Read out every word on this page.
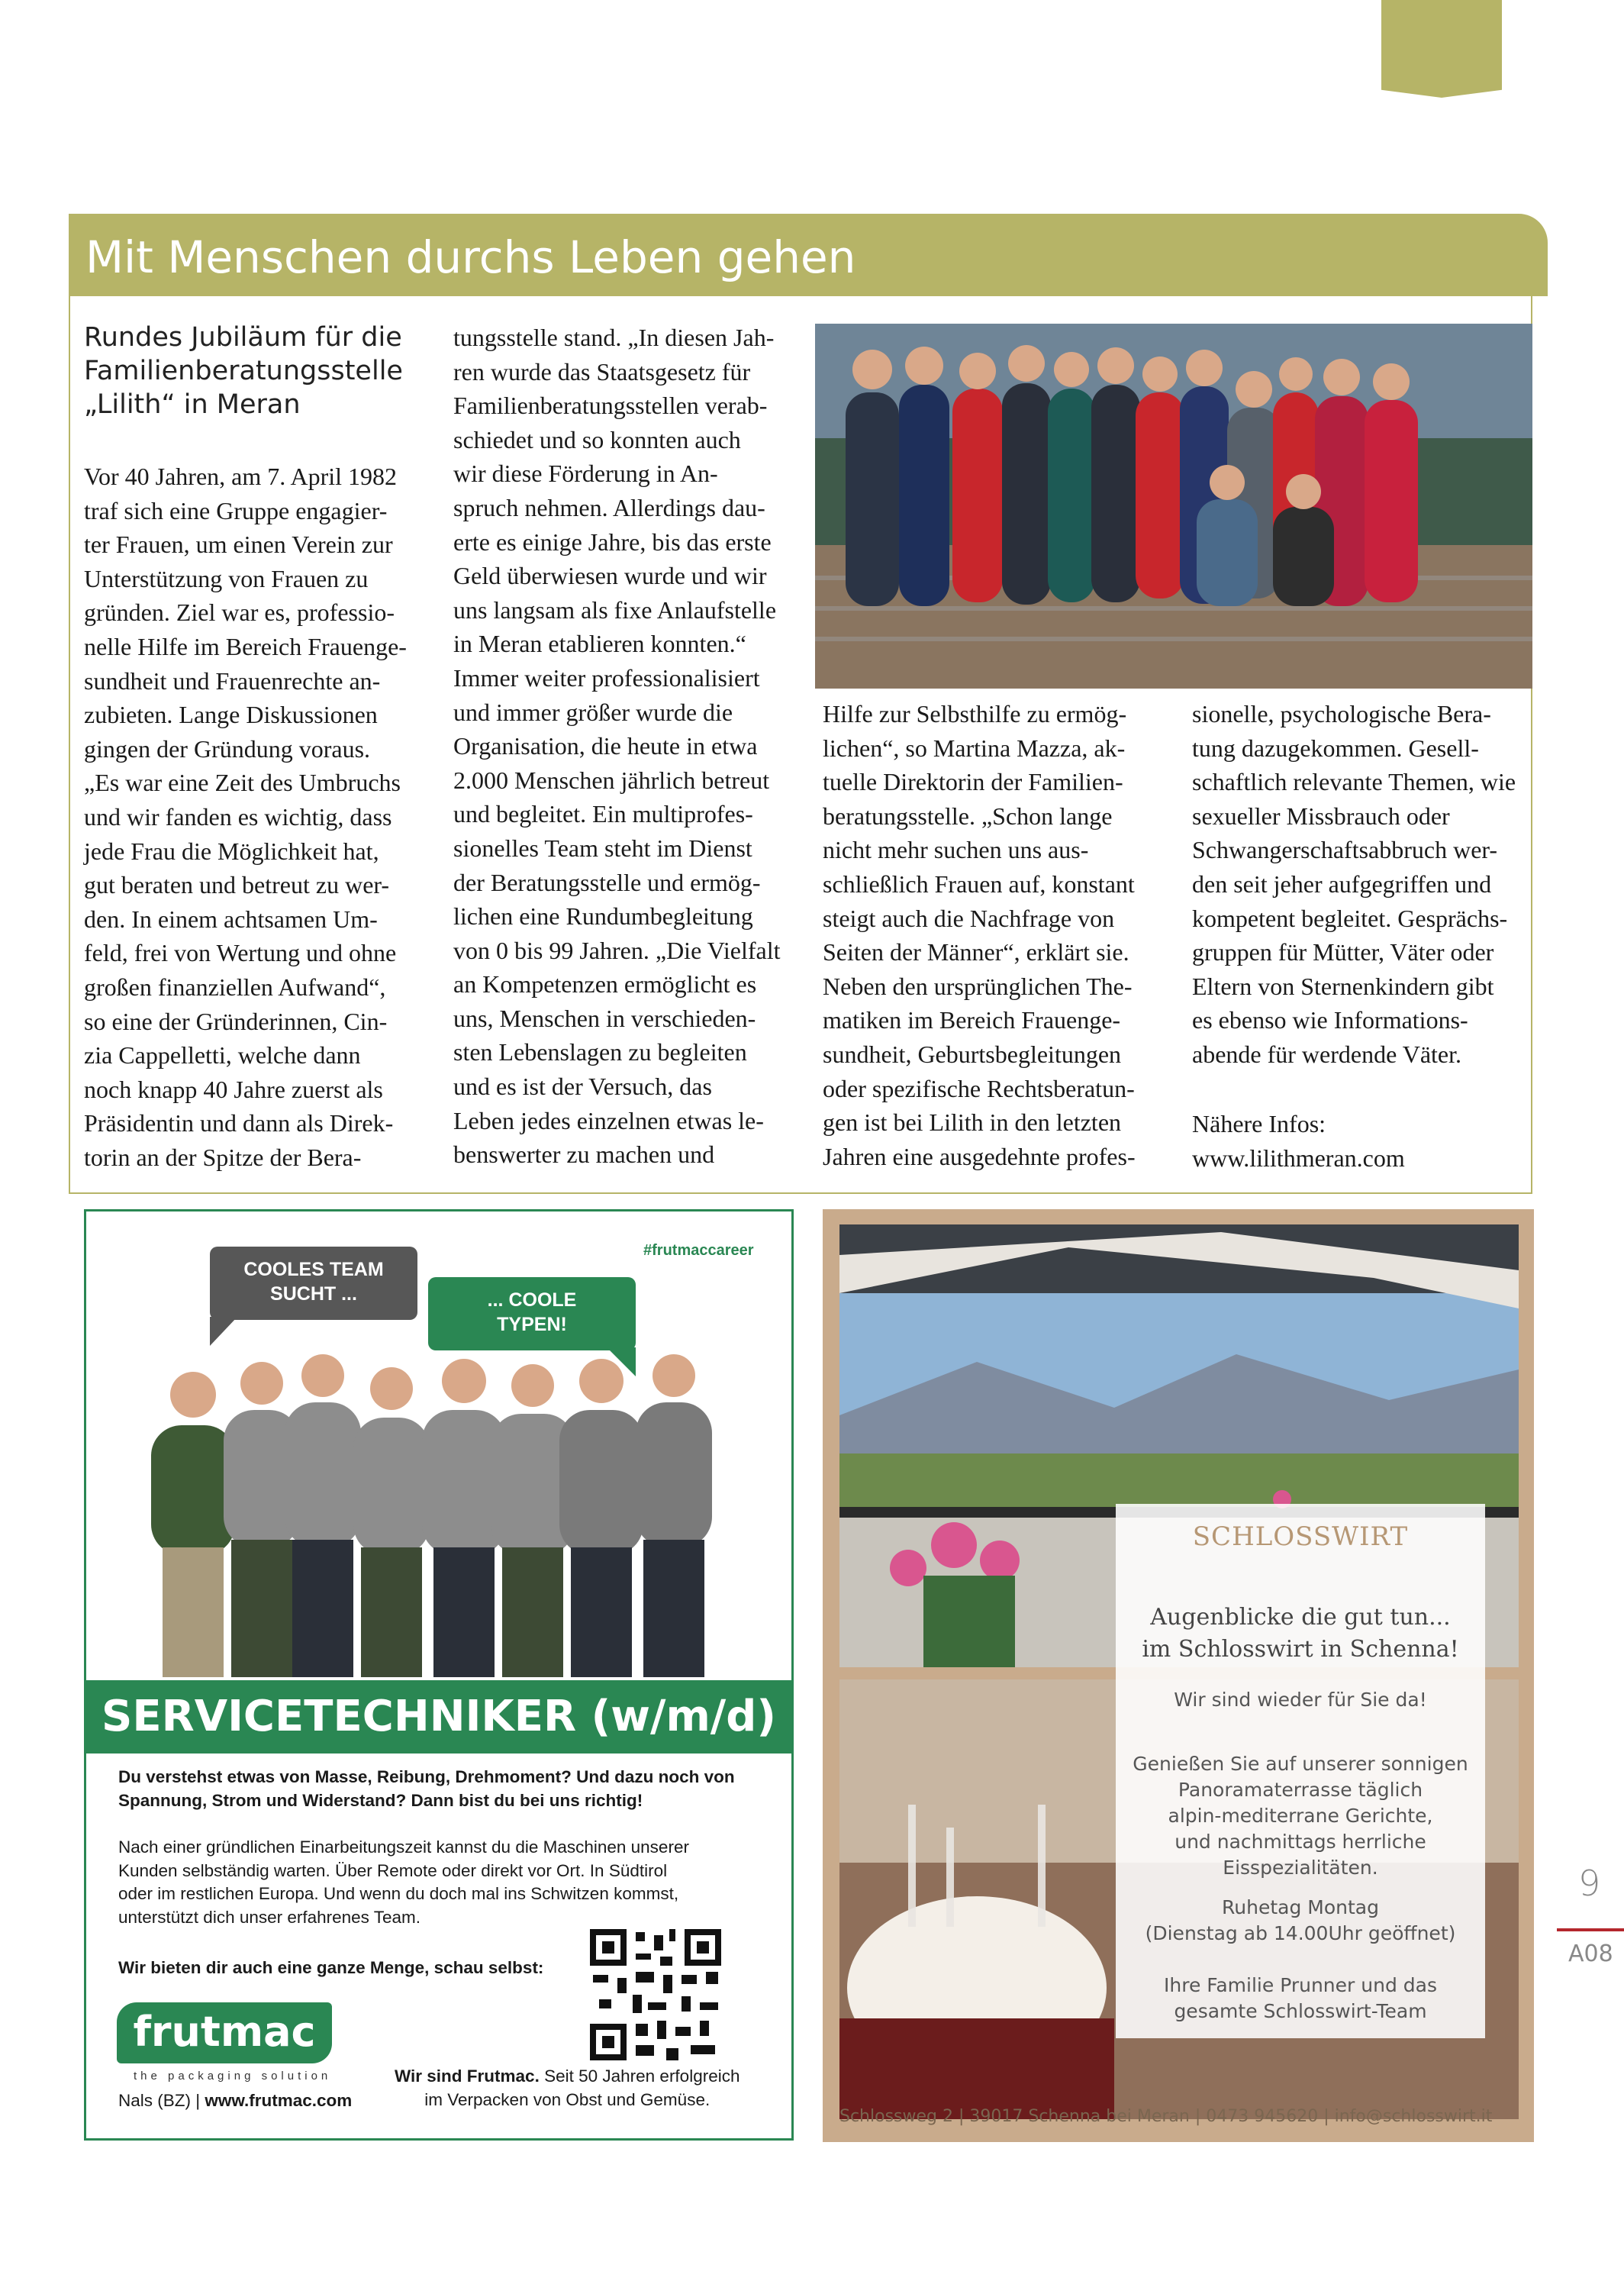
Mit Menschen durchs Leben gehen
Rundes Jubiläum für die
Familienberatungsstelle
„Lilith“ in Meran

Vor 40 Jahren, am 7. April 1982

traf sich eine Gruppe engagier-

ter Frauen, um einen Verein zur

Unterstützung von Frauen zu

gründen. Ziel war es, professio-

nelle Hilfe im Bereich Frauenge-

sundheit und Frauenrechte an-

zubieten. Lange Diskussionen

gingen der Gründung voraus.

„Es war eine Zeit des Umbruchs

und wir fanden es wichtig, dass

jede Frau die Möglichkeit hat,

gut beraten und betreut zu wer-

den. In einem achtsamen Um-

feld, frei von Wertung und ohne

großen finanziellen Aufwand“,

so eine der Gründerinnen, Cin-

zia Cappelletti, welche dann

noch knapp 40 Jahre zuerst als

Präsidentin und dann als Direk-

torin an der Spitze der Bera-

tungsstelle stand. „In diesen Jah-

ren wurde das Staatsgesetz für

Familienberatungsstellen verab-

schiedet und so konnten auch

wir diese Förderung in An-

spruch nehmen. Allerdings dau-

erte es einige Jahre, bis das erste

Geld überwiesen wurde und wir

uns langsam als fixe Anlaufstelle

in Meran etablieren konnten.“

Immer weiter professionalisiert

und immer größer wurde die

Organisation, die heute in etwa

2.000 Menschen jährlich betreut

und begleitet. Ein multiprofes-

sionelles Team steht im Dienst

der Beratungsstelle und ermög-

lichen eine Rundumbegleitung

von 0 bis 99 Jahren. „Die Vielfalt

an Kompetenzen ermöglicht es

uns, Menschen in verschieden-

sten Lebenslagen zu begleiten

und es ist der Versuch, das

Leben jedes einzelnen etwas le-

benswerter zu machen und

Hilfe zur Selbsthilfe zu ermög-

lichen“, so Martina Mazza, ak-

tuelle Direktorin der Familien-

beratungsstelle. „Schon lange

nicht mehr suchen uns aus-

schließlich Frauen auf, konstant

steigt auch die Nachfrage von

Seiten der Männer“, erklärt sie.

Neben den ursprünglichen The-

matiken im Bereich Frauenge-

sundheit, Geburtsbegleitungen

oder spezifische Rechtsberatun-

gen ist bei Lilith in den letzten

Jahren eine ausgedehnte profes-

sionelle, psychologische Bera-

tung dazugekommen. Gesell-

schaftlich relevante Themen, wie

sexueller Missbrauch oder

Schwangerschaftsabbruch wer-

den seit jeher aufgegriffen und

kompetent begleitet. Gesprächs-

gruppen für Mütter, Väter oder

Eltern von Sternenkindern gibt

es ebenso wie Informations-

abende für werdende Väter.

Nähere Infos:

www.lilithmeran.com

COOLES TEAM
SUCHT ...	... COOLE
TYPEN!
#frutmaccareer
SERVICETECHNIKER (w/m/d)
Du verstehst etwas von Masse, Reibung, Drehmoment? Und dazu noch von
Spannung, Strom und Widerstand? Dann bist du bei uns richtig!
Nach einer gründlichen Einarbeitungszeit kannst du die Maschinen unserer
Kunden selbständig warten. Über Remote oder direkt vor Ort. In Südtirol
oder im restlichen Europa. Und wenn du doch mal ins Schwitzen kommst,
unterstützt dich unser erfahrenes Team.
Wir bieten dir auch eine ganze Menge, schau selbst:
frutmac
the packaging solution
Nals (BZ) | www.frutmac.com
Wir sind Frutmac. Seit 50 Jahren erfolgreich
im Verpacken von Obst und Gemüse.
SCHLOSSWIRT
Augenblicke die gut tun...
im Schlosswirt in Schenna!
Wir sind wieder für Sie da!
Genießen Sie auf unserer sonnigen
Panoramaterrasse täglich
alpin-mediterrane Gerichte,
und nachmittags herrliche
Eisspezialitäten.
Ruhetag Montag
(Dienstag ab 14.00Uhr geöffnet)
Ihre Familie Prunner und das
gesamte Schlosswirt-Team
Schlossweg 2 | 39017 Schenna bei Meran | 0473 945620 | info@schlosswirt.it
9
A08
